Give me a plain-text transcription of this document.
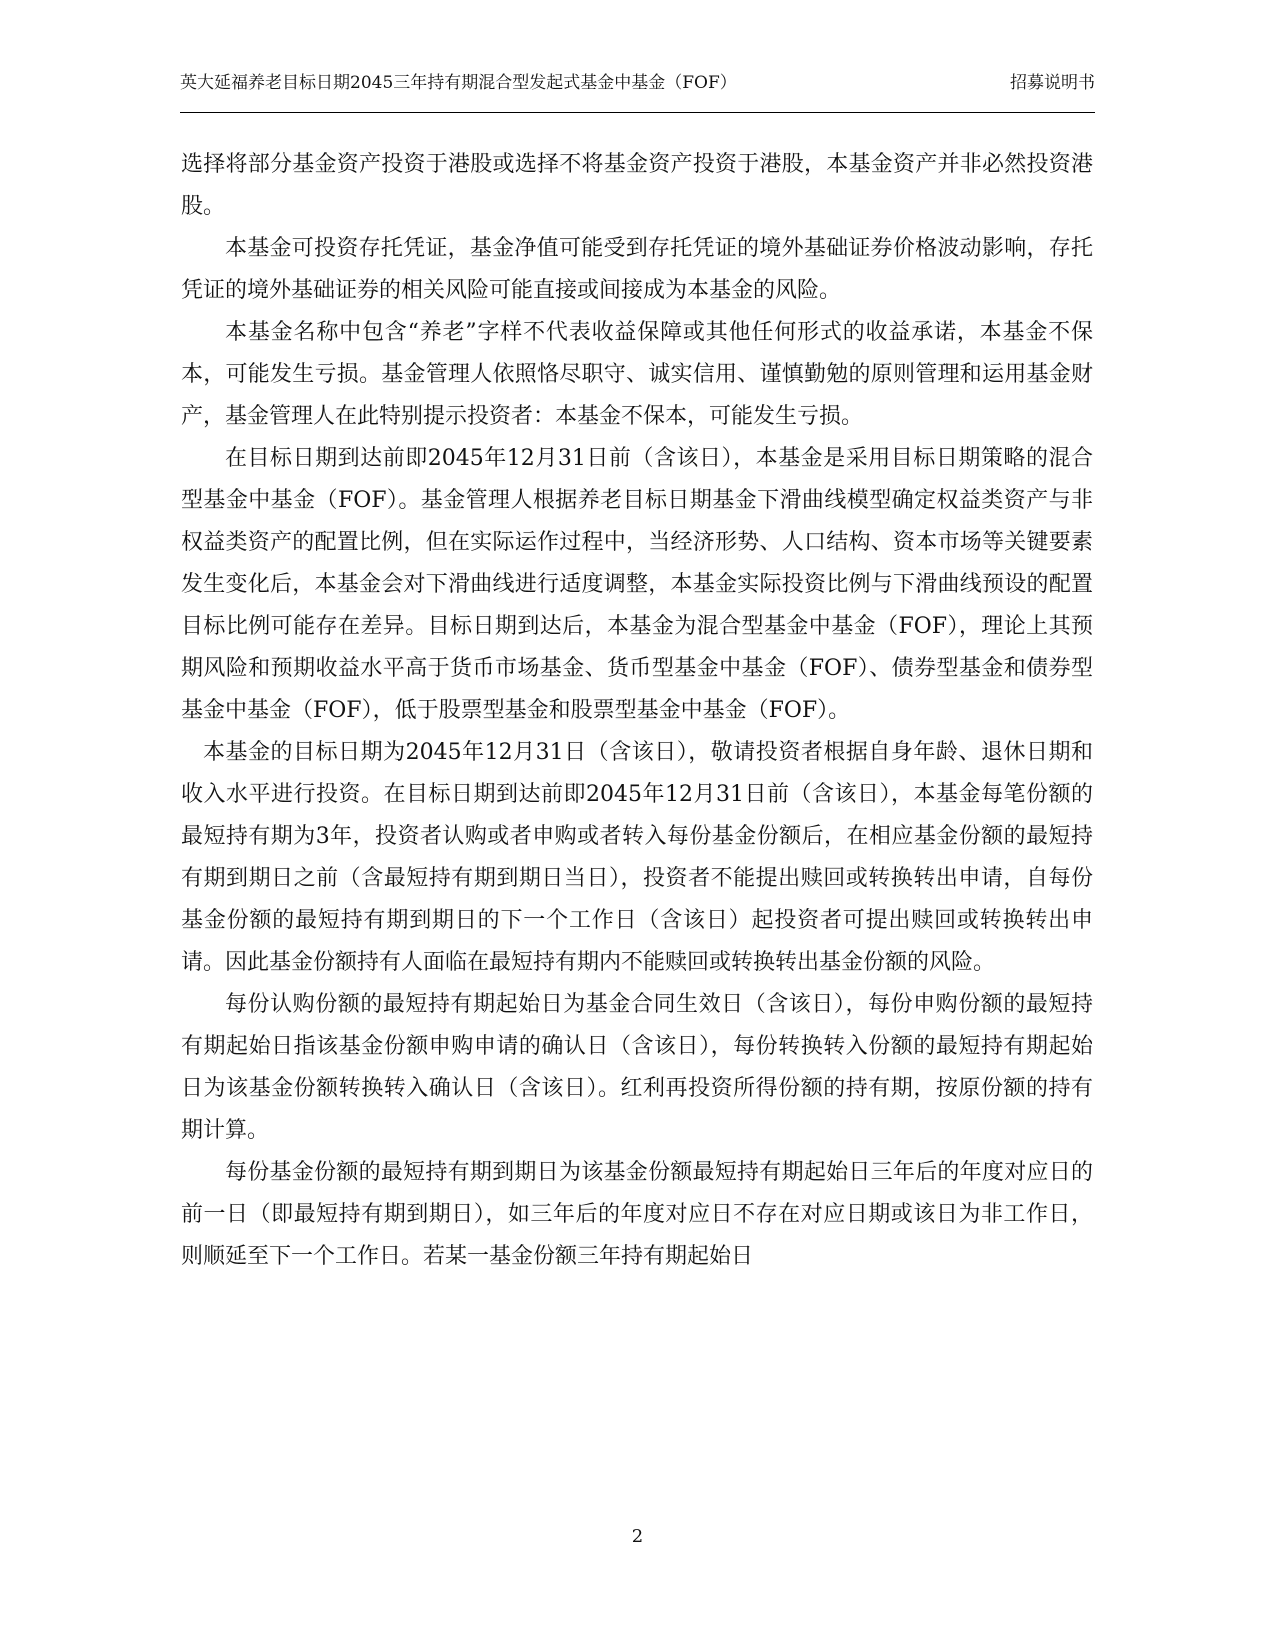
英大延福养老目标日期2045三年持有期混合型发起式基金中基金（FOF）	招募说明书

选择将部分基金资产投资于港股或选择不将基金资产投资于港股，本基金资产并非必然投资港股。

本基金可投资存托凭证，基金净值可能受到存托凭证的境外基础证券价格波动影响，存托凭证的境外基础证券的相关风险可能直接或间接成为本基金的风险。

本基金名称中包含“养老”字样不代表收益保障或其他任何形式的收益承诺，本基金不保本，可能发生亏损。基金管理人依照恪尽职守、诚实信用、谨慎勤勉的原则管理和运用基金财产，基金管理人在此特别提示投资者：本基金不保本，可能发生亏损。

在目标日期到达前即2045年12月31日前（含该日），本基金是采用目标日期策略的混合型基金中基金（FOF）。基金管理人根据养老目标日期基金下滑曲线模型确定权益类资产与非权益类资产的配置比例，但在实际运作过程中，当经济形势、人口结构、资本市场等关键要素发生变化后，本基金会对下滑曲线进行适度调整，本基金实际投资比例与下滑曲线预设的配置目标比例可能存在差异。目标日期到达后，本基金为混合型基金中基金（FOF），理论上其预期风险和预期收益水平高于货币市场基金、货币型基金中基金（FOF）、债券型基金和债券型基金中基金（FOF），低于股票型基金和股票型基金中基金（FOF）。

本基金的目标日期为2045年12月31日（含该日），敬请投资者根据自身年龄、退休日期和收入水平进行投资。在目标日期到达前即2045年12月31日前（含该日），本基金每笔份额的最短持有期为3年，投资者认购或者申购或者转入每份基金份额后，在相应基金份额的最短持有期到期日之前（含最短持有期到期日当日），投资者不能提出赎回或转换转出申请，自每份基金份额的最短持有期到期日的下一个工作日（含该日）起投资者可提出赎回或转换转出申请。因此基金份额持有人面临在最短持有期内不能赎回或转换转出基金份额的风险。

每份认购份额的最短持有期起始日为基金合同生效日（含该日），每份申购份额的最短持有期起始日指该基金份额申购申请的确认日（含该日），每份转换转入份额的最短持有期起始日为该基金份额转换转入确认日（含该日）。红利再投资所得份额的持有期，按原份额的持有期计算。

每份基金份额的最短持有期到期日为该基金份额最短持有期起始日三年后的年度对应日的前一日（即最短持有期到期日），如三年后的年度对应日不存在对应日期或该日为非工作日，则顺延至下一个工作日。若某一基金份额三年持有期起始日

2
